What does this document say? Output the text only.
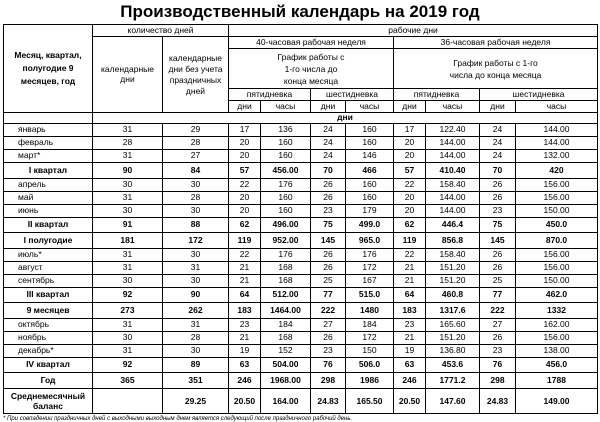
Производственный календарь на 2019 год
Месяц, квартал, полугодие 9 месяцев, год	количество дней		рабочие дни							
	календарные дни	календарные дни без учета праздничных дней	40-часовая рабочая неделя				36-часовая рабочая неделя			
			График работы с 1-го числа до конца месяца				График работы с 1-го числа до конца месяца			
			пятидневка		шестидневка		пятидневка		шестидневка	
			дни	часы	дни	часы	дни	часы	дни	часы
	дни									
январь	31	29	17	136	24	160	17	122.40	24	144.00
февраль	28	28	20	160	24	160	20	144.00	24	144.00
март*	31	27	20	160	24	146	20	144.00	24	132.00
I квартал	90	84	57	456.00	70	466	57	410.40	70	420
апрель	30	30	22	176	26	160	22	158.40	26	156.00
май	31	28	20	160	26	160	20	144.00	26	156.00
июнь	30	30	20	160	23	179	20	144.00	23	150.00
II квартал	91	88	62	496.00	75	499.0	62	446.4	75	450.0
I полугодие	181	172	119	952.00	145	965.0	119	856.8	145	870.0
июль*	31	30	22	176	26	176	22	158.40	26	156.00
август	31	31	21	168	26	172	21	151.20	26	156.00
сентябрь	30	30	21	168	25	167	21	151.20	25	150.00
III квартал	92	90	64	512.00	77	515.0	64	460.8	77	462.0
9 месяцев	273	262	183	1464.00	222	1480	183	1317.6	222	1332
октябрь	31	31	23	184	27	184	23	165.60	27	162.00
ноябрь	30	28	21	168	26	172	21	151.20	26	156.00
декабрь*	31	30	19	152	23	150	19	136.80	23	138.00
IV квартал	92	89	63	504.00	76	506.0	63	453.6	76	456.0
Год	365	351	246	1968.00	298	1986	246	1771.2	298	1788
Среднемесячный
баланс		29.25	20.50	164.00	24.83	165.50	20.50	147.60	24.83	149.00
* При совпадении праздничных дней с выходными выходным днем является следующий после праздничного рабочий день.
